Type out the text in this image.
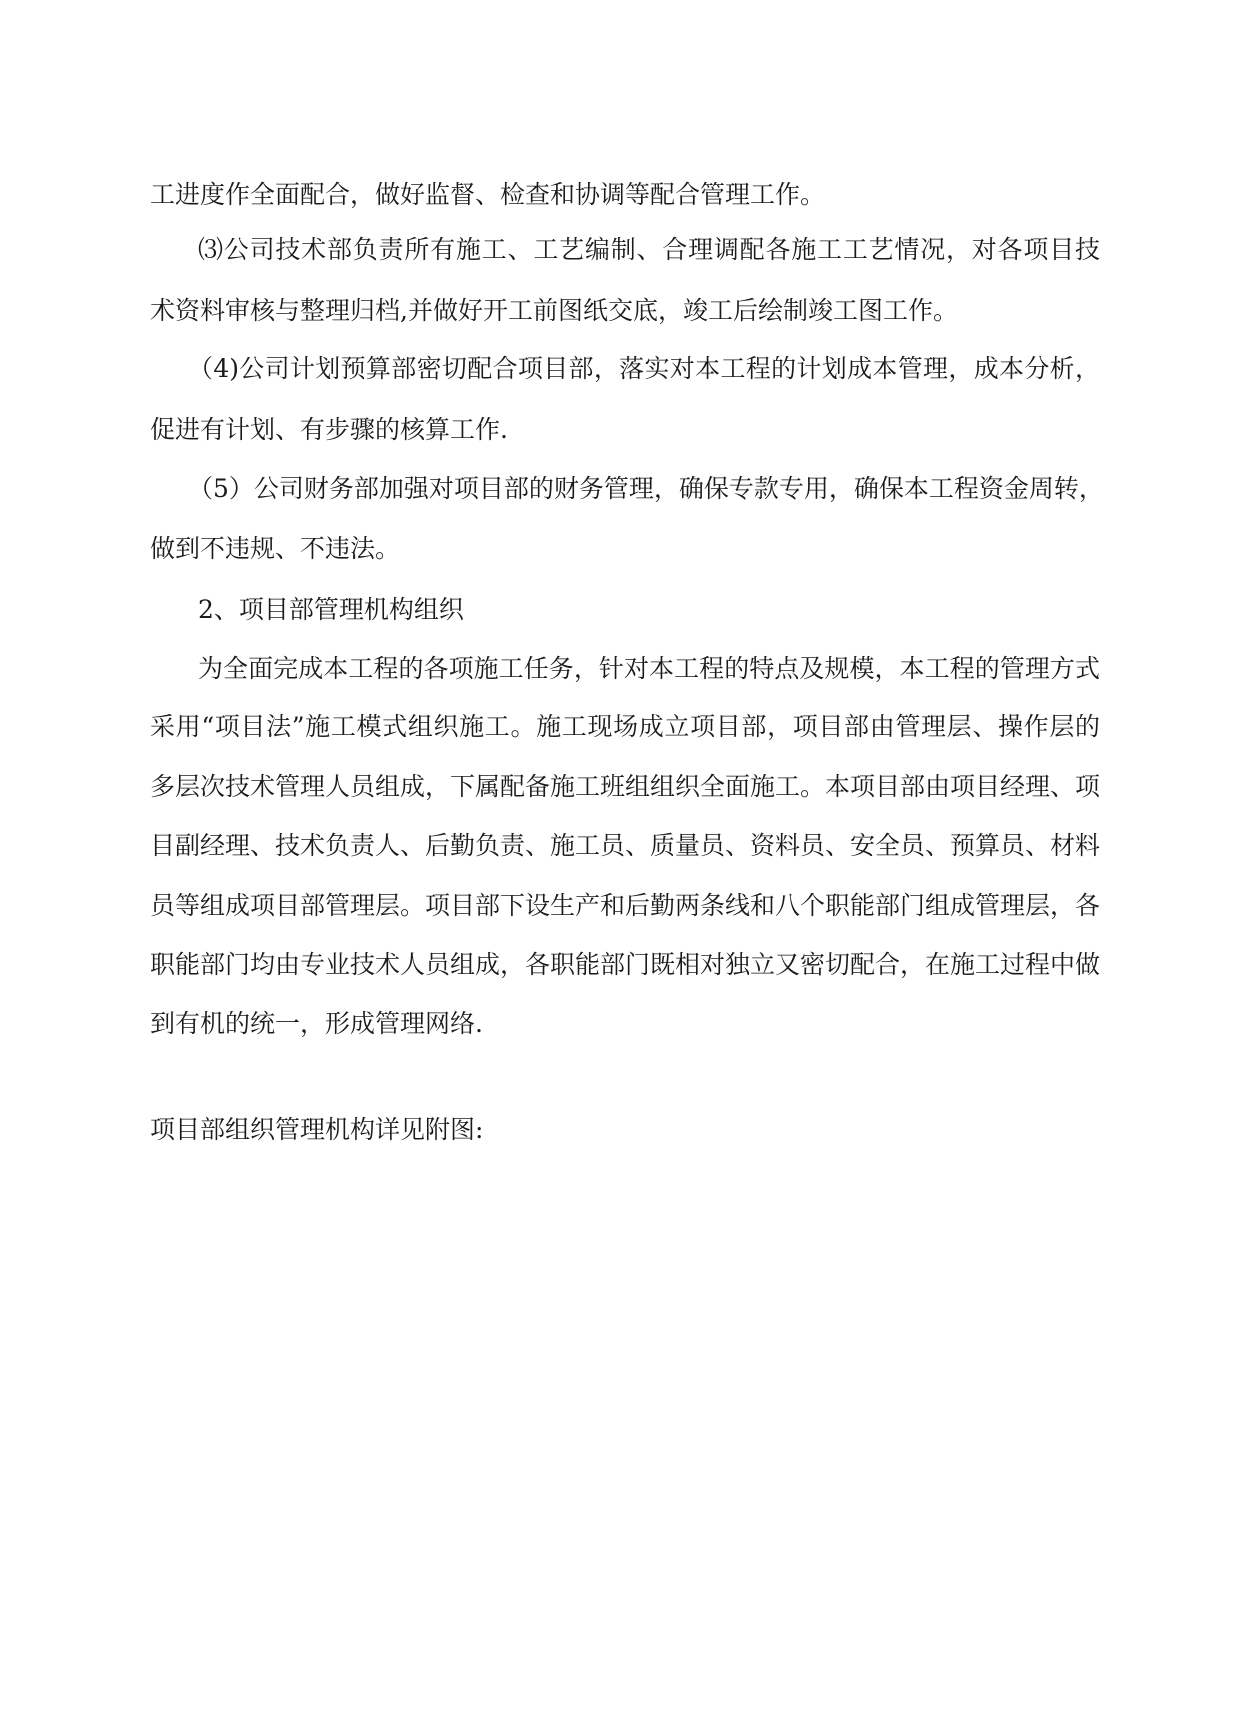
工进度作全面配合，做好监督、检查和协调等配合管理工作。
⑶公司技术部负责所有施工、工艺编制、合理调配各施工工艺情况，对各项目技
术资料审核与整理归档,并做好开工前图纸交底，竣工后绘制竣工图工作。
（4)公司计划预算部密切配合项目部，落实对本工程的计划成本管理，成本分析，
促进有计划、有步骤的核算工作.
（5）公司财务部加强对项目部的财务管理，确保专款专用，确保本工程资金周转，
做到不违规、不违法。
2、项目部管理机构组织
为全面完成本工程的各项施工任务，针对本工程的特点及规模，本工程的管理方式
采用“项目法”施工模式组织施工。施工现场成立项目部，项目部由管理层、操作层的
多层次技术管理人员组成，下属配备施工班组组织全面施工。本项目部由项目经理、项
目副经理、技术负责人、后勤负责、施工员、质量员、资料员、安全员、预算员、材料
员等组成项目部管理层。项目部下设生产和后勤两条线和八个职能部门组成管理层，各
职能部门均由专业技术人员组成，各职能部门既相对独立又密切配合，在施工过程中做
到有机的统一，形成管理网络.
项目部组织管理机构详见附图:
